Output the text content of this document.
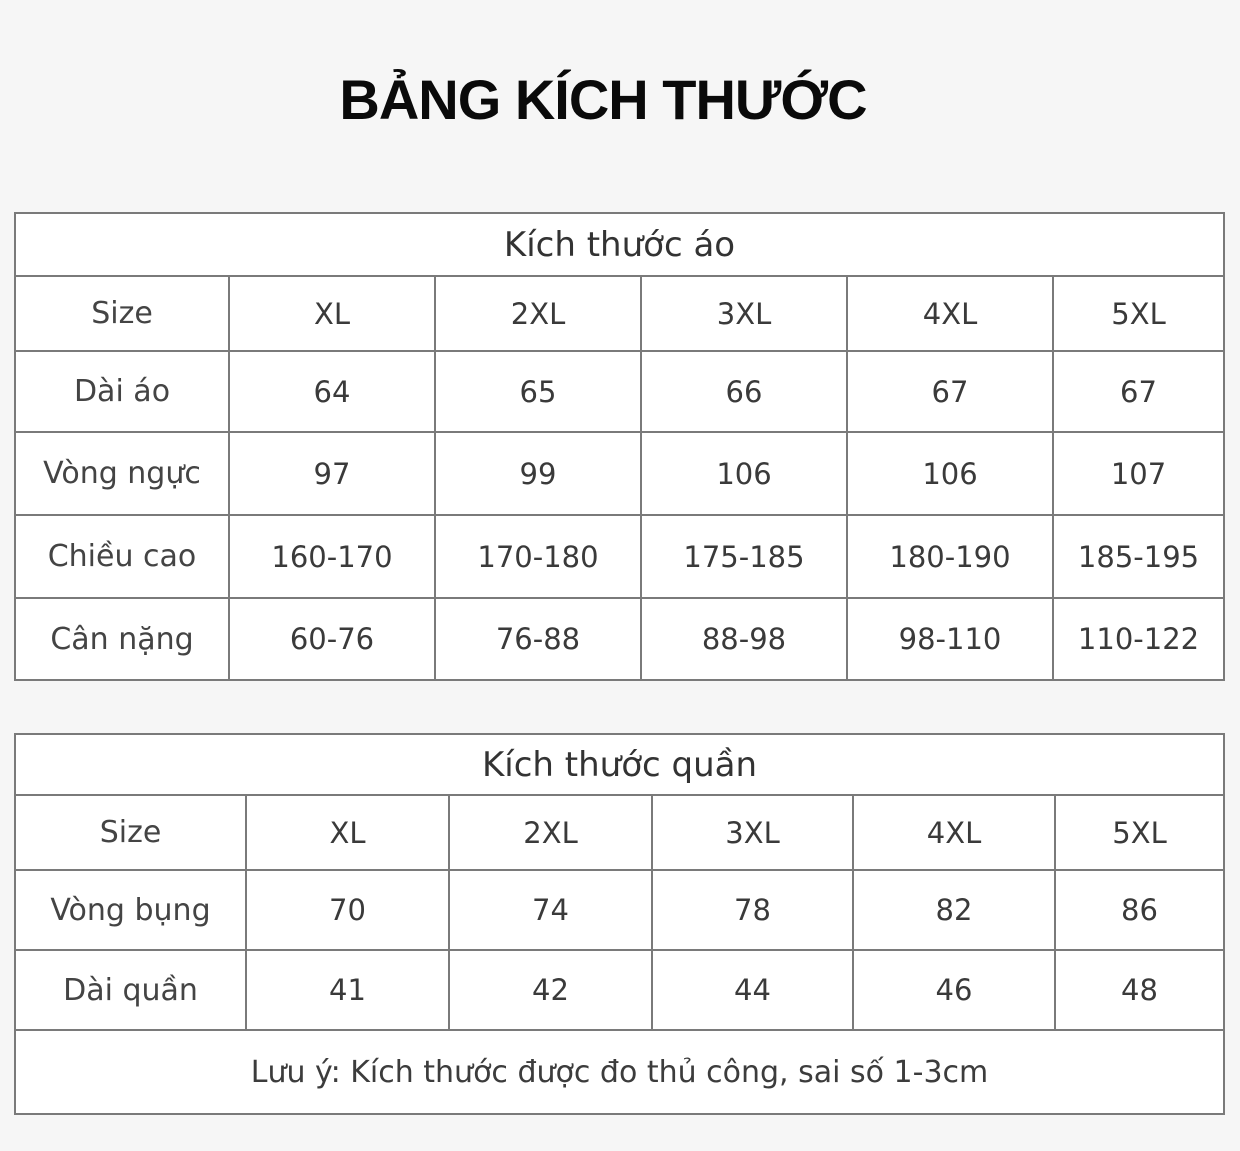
BẢNG KÍCH THƯỚC
Kích thước áo					
Size	XL	2XL	3XL	4XL	5XL
Dài áo	64	65	66	67	67
Vòng ngực	97	99	106	106	107
Chiều cao	160-170	170-180	175-185	180-190	185-195
Cân nặng	60-76	76-88	88-98	98-110	110-122
Kích thước quần					
Size	XL	2XL	3XL	4XL	5XL
Vòng bụng	70	74	78	82	86
Dài quần	41	42	44	46	48
Lưu ý: Kích thước được đo thủ công, sai số 1-3cm					
